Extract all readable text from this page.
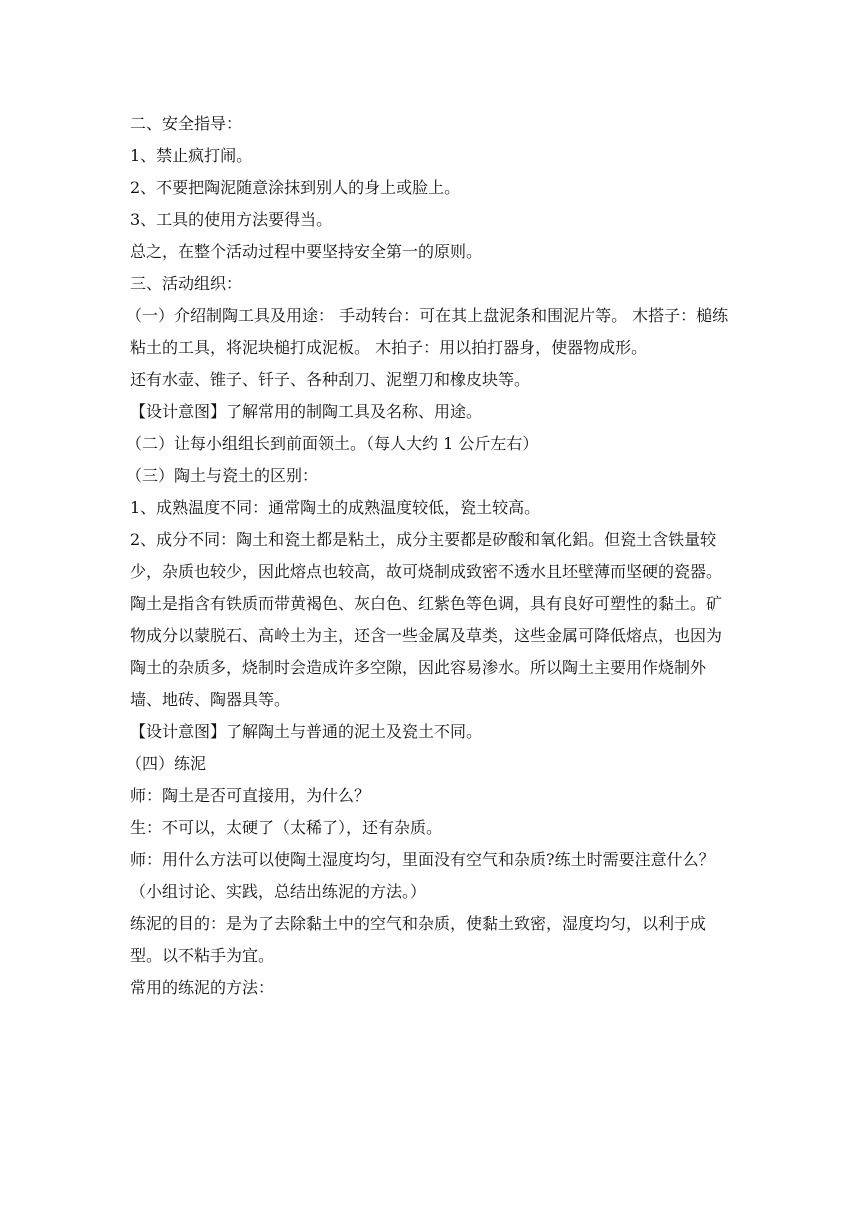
二、安全指导：

1、禁止疯打闹。

2、不要把陶泥随意涂抹到别人的身上或脸上。

3、工具的使用方法要得当。

总之，在整个活动过程中要坚持安全第一的原则。

三、活动组织：

（一）介绍制陶工具及用途： 手动转台：可在其上盘泥条和围泥片等。 木搭子：槌练粘土的工具，将泥块槌打成泥板。 木拍子：用以拍打器身，使器物成形。

还有水壶、锥子、钎子、各种刮刀、泥塑刀和橡皮块等。

【设计意图】了解常用的制陶工具及名称、用途。

（二）让每小组组长到前面领土。（每人大约 1 公斤左右）

（三）陶土与瓷土的区别：

1、成熟温度不同：通常陶土的成熟温度较低，瓷土较高。

2、成分不同：陶土和瓷土都是粘土，成分主要都是矽酸和氧化鋁。但瓷土含铁量较少，杂质也较少，因此熔点也较高，故可烧制成致密不透水且坯壁薄而坚硬的瓷器。陶土是指含有铁质而带黄褐色、灰白色、红紫色等色调，具有良好可塑性的黏土。矿物成分以蒙脱石、高岭土为主，还含一些金属及草类，这些金属可降低熔点，也因为陶土的杂质多，烧制时会造成许多空隙，因此容易渗水。所以陶土主要用作烧制外墙、地砖、陶器具等。

【设计意图】了解陶土与普通的泥土及瓷土不同。

（四）练泥

师：陶土是否可直接用，为什么？

生：不可以，太硬了（太稀了），还有杂质。

师：用什么方法可以使陶土湿度均匀，里面没有空气和杂质?练土时需要注意什么？（小组讨论、实践，总结出练泥的方法。）

练泥的目的：是为了去除黏土中的空气和杂质，使黏土致密，湿度均匀，以利于成型。以不粘手为宜。

常用的练泥的方法：
